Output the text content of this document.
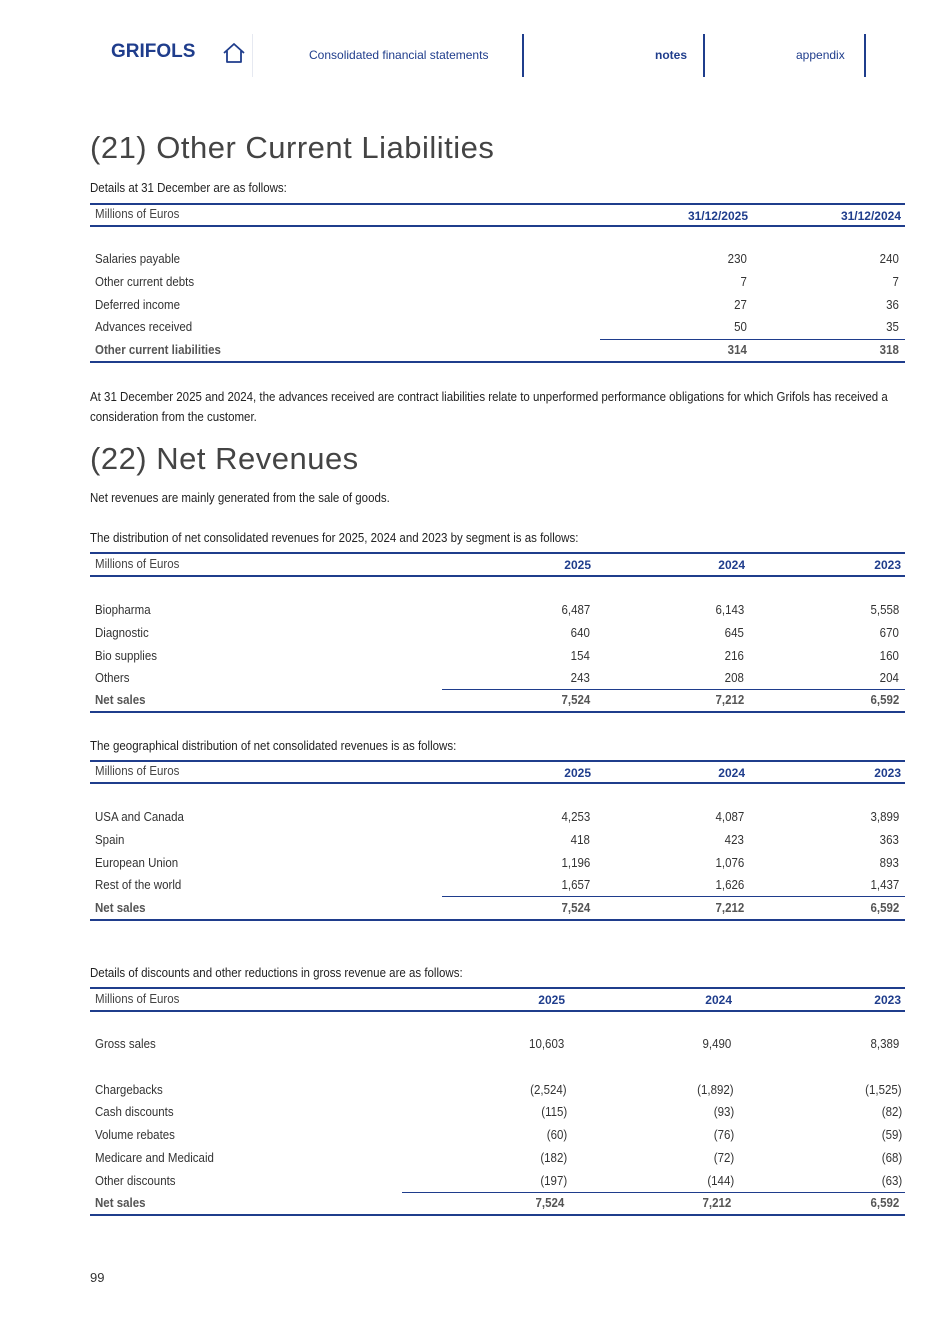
GRIFOLS	Consolidated financial statements	notes	appendix
(21) Other Current Liabilities
Details at 31 December are as follows:
Millions of Euros	31/12/2025	31/12/2024
Salaries payable	230	240
Other current debts	7	7
Deferred income	27	36
Advances received	50	35
Other current liabilities	314	318
At 31 December 2025 and 2024, the advances received are contract liabilities relate to unperformed performance obligations for which Grifols has received a consideration from the customer.
(22) Net Revenues
Net revenues are mainly generated from the sale of goods.
The distribution of net consolidated revenues for 2025, 2024 and 2023 by segment is as follows:
Millions of Euros	2025	2024	2023
Biopharma	6,487	6,143	5,558
Diagnostic	640	645	670
Bio supplies	154	216	160
Others	243	208	204
Net sales	7,524	7,212	6,592
The geographical distribution of net consolidated revenues is as follows:
Millions of Euros	2025	2024	2023
USA and Canada	4,253	4,087	3,899
Spain	418	423	363
European Union	1,196	1,076	893
Rest of the world	1,657	1,626	1,437
Net sales	7,524	7,212	6,592
Details of discounts and other reductions in gross revenue are as follows:
Millions of Euros	2025	2024	2023
Gross sales	10,603	9,490	8,389
Chargebacks	(2,524)	(1,892)	(1,525)
Cash discounts	(115)	(93)	(82)
Volume rebates	(60)	(76)	(59)
Medicare and Medicaid	(182)	(72)	(68)
Other discounts	(197)	(144)	(63)
Net sales	7,524	7,212	6,592
99
